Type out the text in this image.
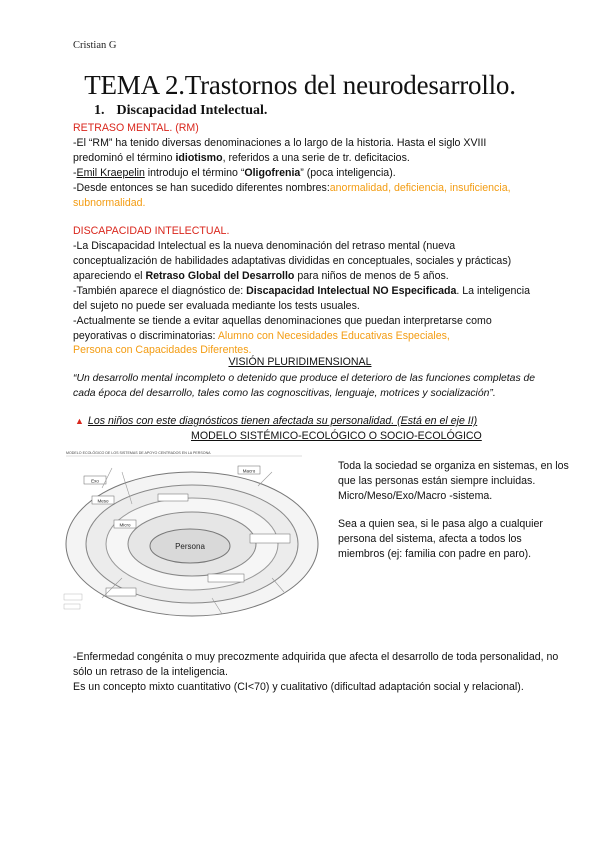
Cristian G
TEMA 2.Trastornos del neurodesarrollo.
1. Discapacidad Intelectual.
RETRASO MENTAL. (RM)
-El “RM” ha tenido diversas denominaciones a lo largo de la historia. Hasta el siglo XVIII
predominó el término idiotismo, referidos a una serie de tr. deficitacios.
-Emil Kraepelin introdujo el término “Oligofrenia” (poca inteligencia).
-Desde entonces se han sucedido diferentes nombres:anormalidad, deficiencia, insuficiencia,
subnormalidad.
DISCAPACIDAD INTELECTUAL.
-La Discapacidad Intelectual es la nueva denominación del retraso mental (nueva
conceptualización de habilidades adaptativas divididas en conceptuales, sociales y prácticas)
apareciendo el Retraso Global del Desarrollo para niños de menos de 5 años.
-También aparece el diagnóstico de: Discapacidad Intelectual NO Especificada. La inteligencia
del sujeto no puede ser evaluada mediante los tests usuales.
-Actualmente se tiende a evitar aquellas denominaciones que puedan interpretarse como
peyorativas o discriminatorias: Alumno con Necesidades Educativas Especiales,
Persona con Capacidades Diferentes.
VISIÓN PLURIDIMENSIONAL
“Un desarrollo mental incompleto o detenido que produce el deterioro de las funciones completas de
cada época del desarrollo, tales como las cognoscitivas, lenguaje, motrices y socialización”.
▲ Los niños con este diagnósticos tienen afectada su personalidad. (Está en el eje II)
MODELO SISTÉMICO-ECOLÓGICO O SOCIO-ECOLÓGICO
MODELO ECOLÓGICO DE LOS SISTEMAS DE APOYO CENTRADOS EN LA PERSONA
Persona
Micro
Meso
Exo
Macro	Toda la sociedad se organiza en sistemas, en los
que las personas están siempre incluidas.
Micro/Meso/Exo/Macro -sistema.
Sea a quien sea, si le pasa algo a cualquier
persona del sistema, afecta a todos los
miembros (ej: familia con padre en paro).
-Enfermedad congénita o muy precozmente adquirida que afecta el desarrollo de toda personalidad, no
sólo un retraso de la inteligencia.
Es un concepto mixto cuantitativo (CI<70) y cualitativo (dificultad adaptación social y relacional).
